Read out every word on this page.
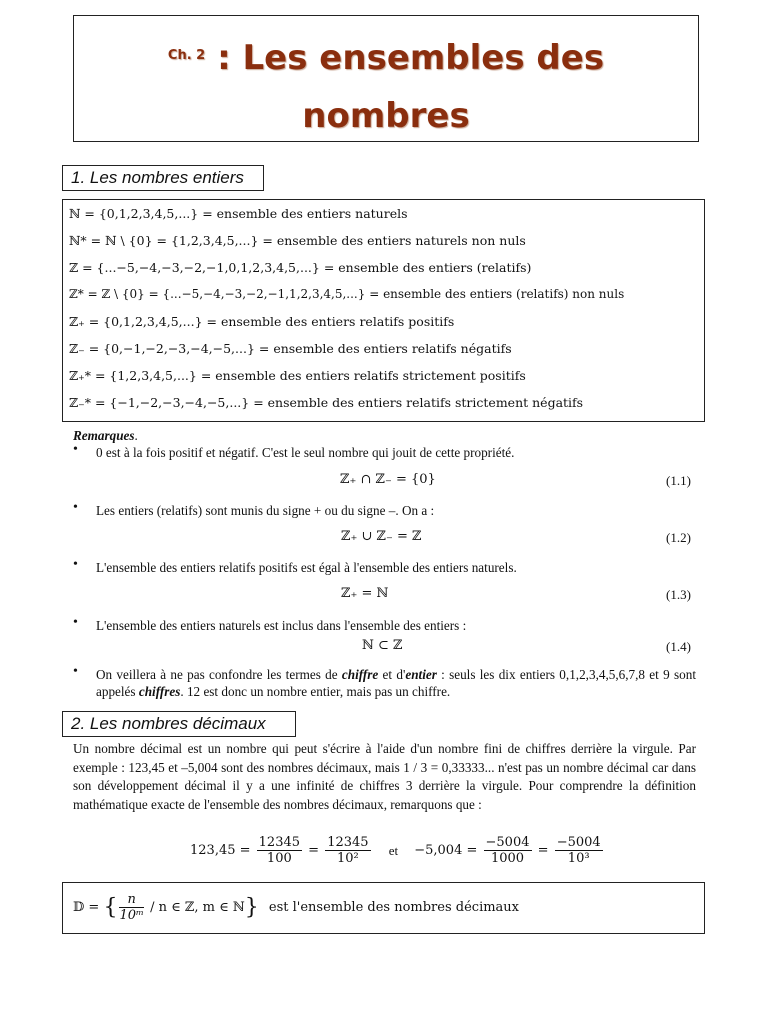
Ch. 2 : Les ensembles des
nombres
1. Les nombres entiers
ℕ = {0,1,2,3,4,5,...} = ensemble des entiers naturels
ℕ* = ℕ \ {0} = {1,2,3,4,5,...} = ensemble des entiers naturels non nuls
ℤ = {...−5,−4,−3,−2,−1,0,1,2,3,4,5,...} = ensemble des entiers (relatifs)
ℤ* = ℤ \ {0} = {...−5,−4,−3,−2,−1,1,2,3,4,5,...} = ensemble des entiers (relatifs) non nuls
ℤ₊ = {0,1,2,3,4,5,...} = ensemble des entiers relatifs positifs
ℤ₋ = {0,−1,−2,−3,−4,−5,...} = ensemble des entiers relatifs négatifs
ℤ₊* = {1,2,3,4,5,...} = ensemble des entiers relatifs strictement positifs
ℤ₋* = {−1,−2,−3,−4,−5,...} = ensemble des entiers relatifs strictement négatifs
Remarques.
• 0 est à la fois positif et négatif. C'est le seul nombre qui jouit de cette propriété.
ℤ₊ ∩ ℤ₋ = {0}	(1.1)
• Les entiers (relatifs) sont munis du signe + ou du signe –. On a :
ℤ₊ ∪ ℤ₋ = ℤ	(1.2)
• L'ensemble des entiers relatifs positifs est égal à l'ensemble des entiers naturels.
ℤ₊ = ℕ	(1.3)
• L'ensemble des entiers naturels est inclus dans l'ensemble des entiers :
ℕ ⊂ ℤ	(1.4)
• On veillera à ne pas confondre les termes de chiffre et d'entier : seuls les dix entiers 0,1,2,3,4,5,6,7,8 et 9 sont appelés chiffres. 12 est donc un nombre entier, mais pas un chiffre.
2. Les nombres décimaux
Un nombre décimal est un nombre qui peut s'écrire à l'aide d'un nombre fini de chiffres derrière la virgule. Par exemple : 123,45 et –5,004 sont des nombres décimaux, mais 1 / 3 = 0,33333... n'est pas un nombre décimal car dans son développement décimal il y a une infinité de chiffres 3 derrière la virgule. Pour comprendre la définition mathématique exacte de l'ensemble des nombres décimaux, remarquons que :
$123,45 = \frac{12345}{100} = \frac{12345}{\text{10²}}$ et $-5,004 = \frac{-5004}{1000} = \frac{-5004}{\text{10³}}$
𝔻 = { $\frac{n}{\text{10ᵐ}}$ / n ∈ ℤ, m ∈ ℕ} est l'ensemble des nombres décimaux
